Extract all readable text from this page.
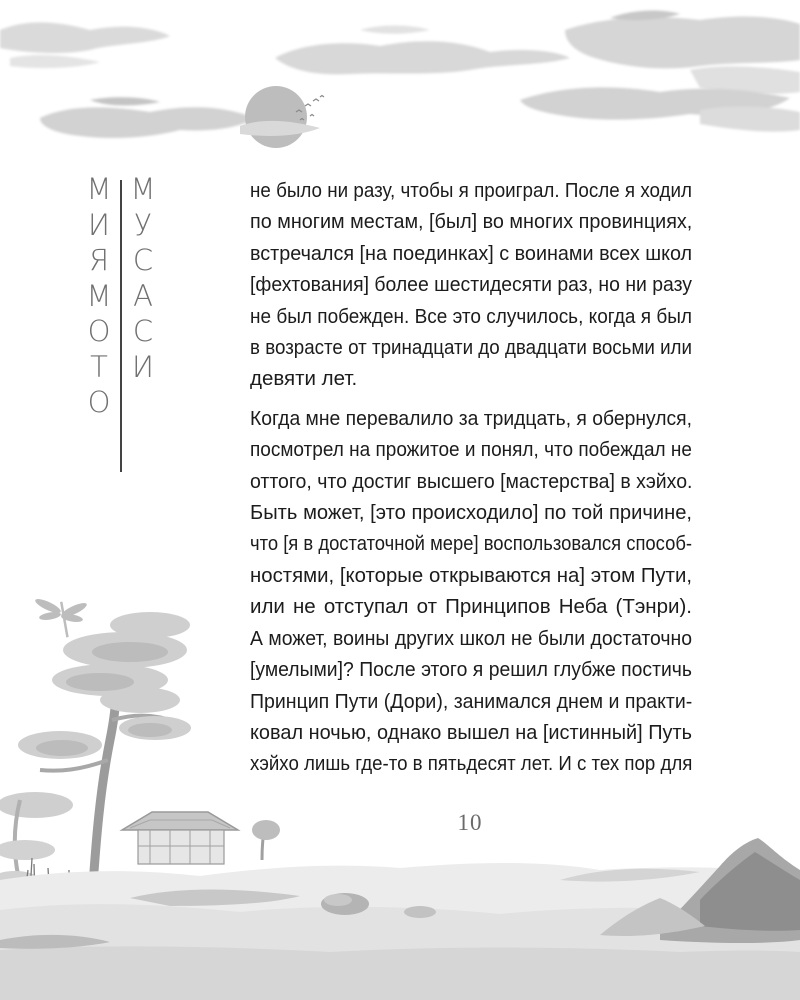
М
И
Я
М
О
Т
О
М
У
С
А
С
И

не было ни разу, чтобы я проиграл. После я ходил
по многим местам, [был] во многих провинциях,
встречался [на поединках] с воинами всех школ
[фехтования] более шестидесяти раз, но ни разу
не был побежден. Все это случилось, когда я был
в возрасте от тринадцати до двадцати восьми или
девяти лет.

Когда мне перевалило за тридцать, я обернулся,
посмотрел на прожитое и понял, что побеждал не
оттого, что достиг высшего [мастерства] в хэйхо.
Быть может, [это происходило] по той причине,
что [я в достаточной мере] воспользовался способ-
ностями, [которые открываются на] этом Пути,
или не отступал от Принципов Неба (Тэнри).
А может, воины других школ не были достаточно
[умелыми]? После этого я решил глубже постичь
Принцип Пути (Дори), занимался днем и практи-
ковал ночью, однако вышел на [истинный] Путь
хэйхо лишь где-то в пятьдесят лет. И с тех пор для

10
